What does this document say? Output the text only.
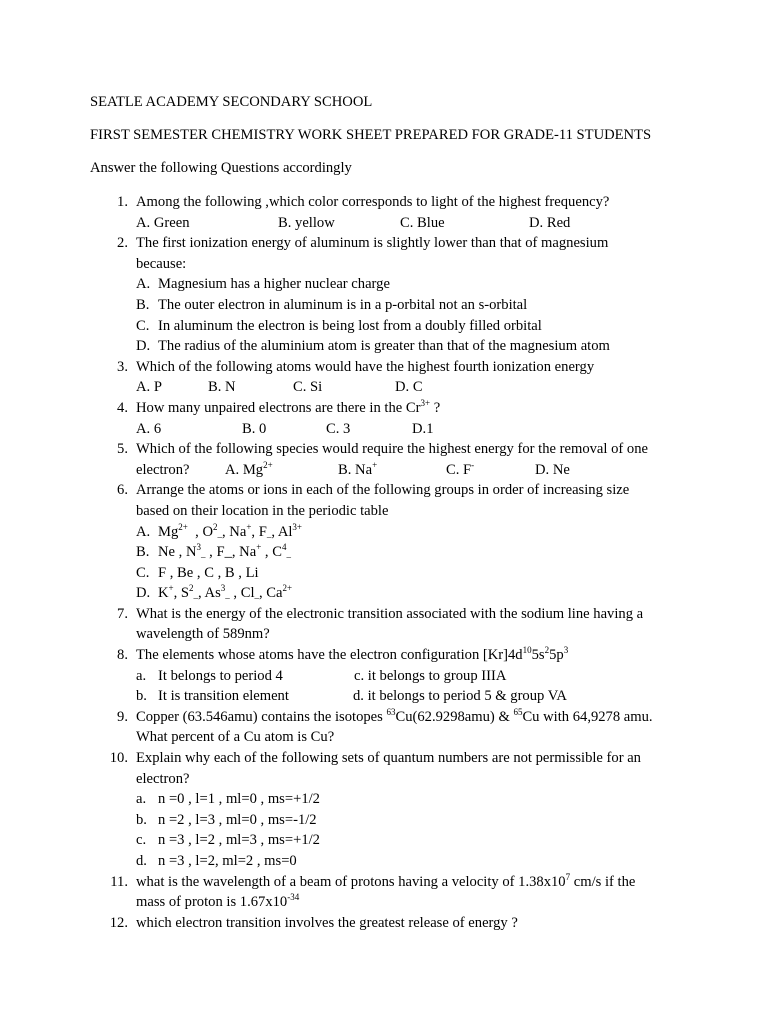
SEATLE ACADEMY SECONDARY SCHOOL
FIRST SEMESTER CHEMISTRY WORK SHEET PREPARED FOR GRADE-11 STUDENTS
Answer the following Questions accordingly
1. Among the following ,which color corresponds to light of the highest frequency?
A. Green	B. yellow	C. Blue	D. Red
2. The first ionization energy of aluminum is slightly lower than that of magnesium
because:
A. Magnesium has a higher nuclear charge
B. The outer electron in aluminum is in a p-orbital not an s-orbital
C. In aluminum the electron is being lost from a doubly filled orbital
D. The radius of the aluminium atom is greater than that of the magnesium atom
3. Which of the following atoms would have the highest fourth ionization energy
A. P	B. N	C. Si	D. C
4. How many unpaired electrons are there in the $Cr^{3+}$ ?
A. 6	B. 0	C. 3	D.1
5. Which of the following species would require the highest energy for the removal of one
electron? A. $Mg^{2+}$	B. Na+	C. F-	D. Ne
6. Arrange the atoms or ions in each of the following groups in order of increasing size
based on their location in the periodic table
A. $Mg^{2+}$  , $O^2_-$, Na+, $F_-$, $Al^{3+}$
B. Ne , $N^3_-$ , F_, Na+ , $C^4_-$
C. F , Be , C , B , Li
D. K+, $S^2_-$, $As^3_-$ , $Cl_-$, $Ca^{2+}$
7. What is the energy of the electronic transition associated with the sodium line having a
wavelength of 589nm?
8. The elements whose atoms have the electron configuration $[Kr]4d^{10}5s^25p^3$
a. It belongs to period 4	c. it belongs to group IIIA
b. It is transition element	d. it belongs to period 5 & group VA
9. Copper (63.546amu) contains the isotopes $^{63}$Cu(62.9298amu) & $^{65}$Cu with 64,9278 amu.
What percent of a Cu atom is Cu?
10. Explain why each of the following sets of quantum numbers are not permissible for an
electron?
a. n =0 , l=1 , ml=0 , ms=+1/2
b. n =2 , l=3 , ml=0 , ms=-1/2
c. n =3 , l=2 , ml=3 , ms=+1/2
d. n =3 , l=2, ml=2 , ms=0
11. what is the wavelength of a beam of protons having a velocity of $1.38x10^7$ cm/s if the
mass of proton is $1.67x10^{-34}$
12. which electron transition involves the greatest release of energy ?
